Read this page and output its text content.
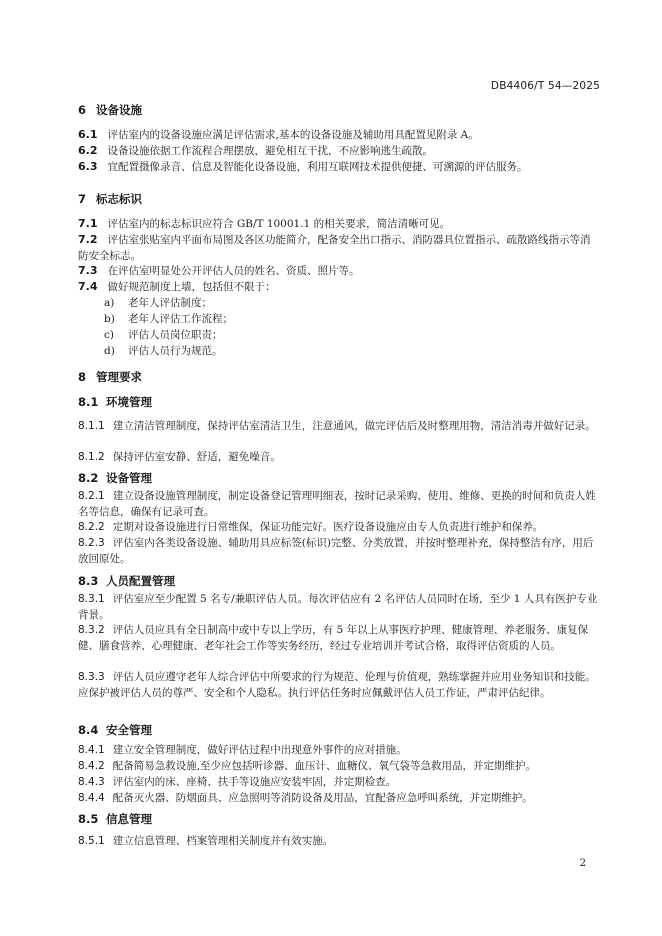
DB4406/T 54—2025
6 设备设施
6.1 评估室内的设备设施应满足评估需求,基本的设备设施及辅助用具配置见附录 A。
6.2 设备设施依据工作流程合理摆放，避免相互干扰，不应影响逃生疏散。
6.3 宜配置摄像录音、信息及智能化设备设施，利用互联网技术提供便捷、可溯源的评估服务。
7 标志标识
7.1 评估室内的标志标识应符合 GB/T 10001.1 的相关要求，简洁清晰可见。
7.2 评估室张贴室内平面布局图及各区功能简介，配备安全出口指示、消防器具位置指示、疏散路线指示等消防安全标志。
7.3 在评估室明显处公开评估人员的姓名、资质、照片等。
7.4 做好规范制度上墙，包括但不限于：
a) 老年人评估制度；
b) 老年人评估工作流程；
c) 评估人员岗位职责；
d) 评估人员行为规范。
8 管理要求
8.1 环境管理
8.1.1 建立清洁管理制度，保持评估室清洁卫生，注意通风，做完评估后及时整理用物，清洁消毒并做好记录。
8.1.2 保持评估室安静、舒适，避免噪音。
8.2 设备管理
8.2.1 建立设备设施管理制度，制定设备登记管理明细表，按时记录采购、使用、维修、更换的时间和负责人姓名等信息，确保有记录可查。
8.2.2 定期对设备设施进行日常维保，保证功能完好。医疗设备设施应由专人负责进行维护和保养。
8.2.3 评估室内各类设备设施、辅助用具应标签(标识)完整、分类放置，并按时整理补充，保持整洁有序，用后放回原处。
8.3 人员配置管理
8.3.1 评估室应至少配置 5 名专/兼职评估人员。每次评估应有 2 名评估人员同时在场，至少 1 人具有医护专业背景。
8.3.2 评估人员应具有全日制高中或中专以上学历，有 5 年以上从事医疗护理、健康管理、养老服务、康复保健、膳食营养、心理健康、老年社会工作等实务经历，经过专业培训并考试合格，取得评估资质的人员。
8.3.3 评估人员应遵守老年人综合评估中所要求的行为规范、伦理与价值观，熟练掌握并应用业务知识和技能。应保护被评估人员的尊严、安全和个人隐私。执行评估任务时应佩戴评估人员工作证，严肃评估纪律。
8.4 安全管理
8.4.1 建立安全管理制度，做好评估过程中出现意外事件的应对措施。
8.4.2 配备简易急救设施,至少应包括听诊器、血压计、血糖仪、氧气袋等急救用品，并定期维护。
8.4.3 评估室内的床、座椅、扶手等设施应安装牢固，并定期检查。
8.4.4 配备灭火器、防烟面具、应急照明等消防设备及用品，宜配备应急呼叫系统，并定期维护。
8.5 信息管理
8.5.1 建立信息管理、档案管理相关制度并有效实施。
2
